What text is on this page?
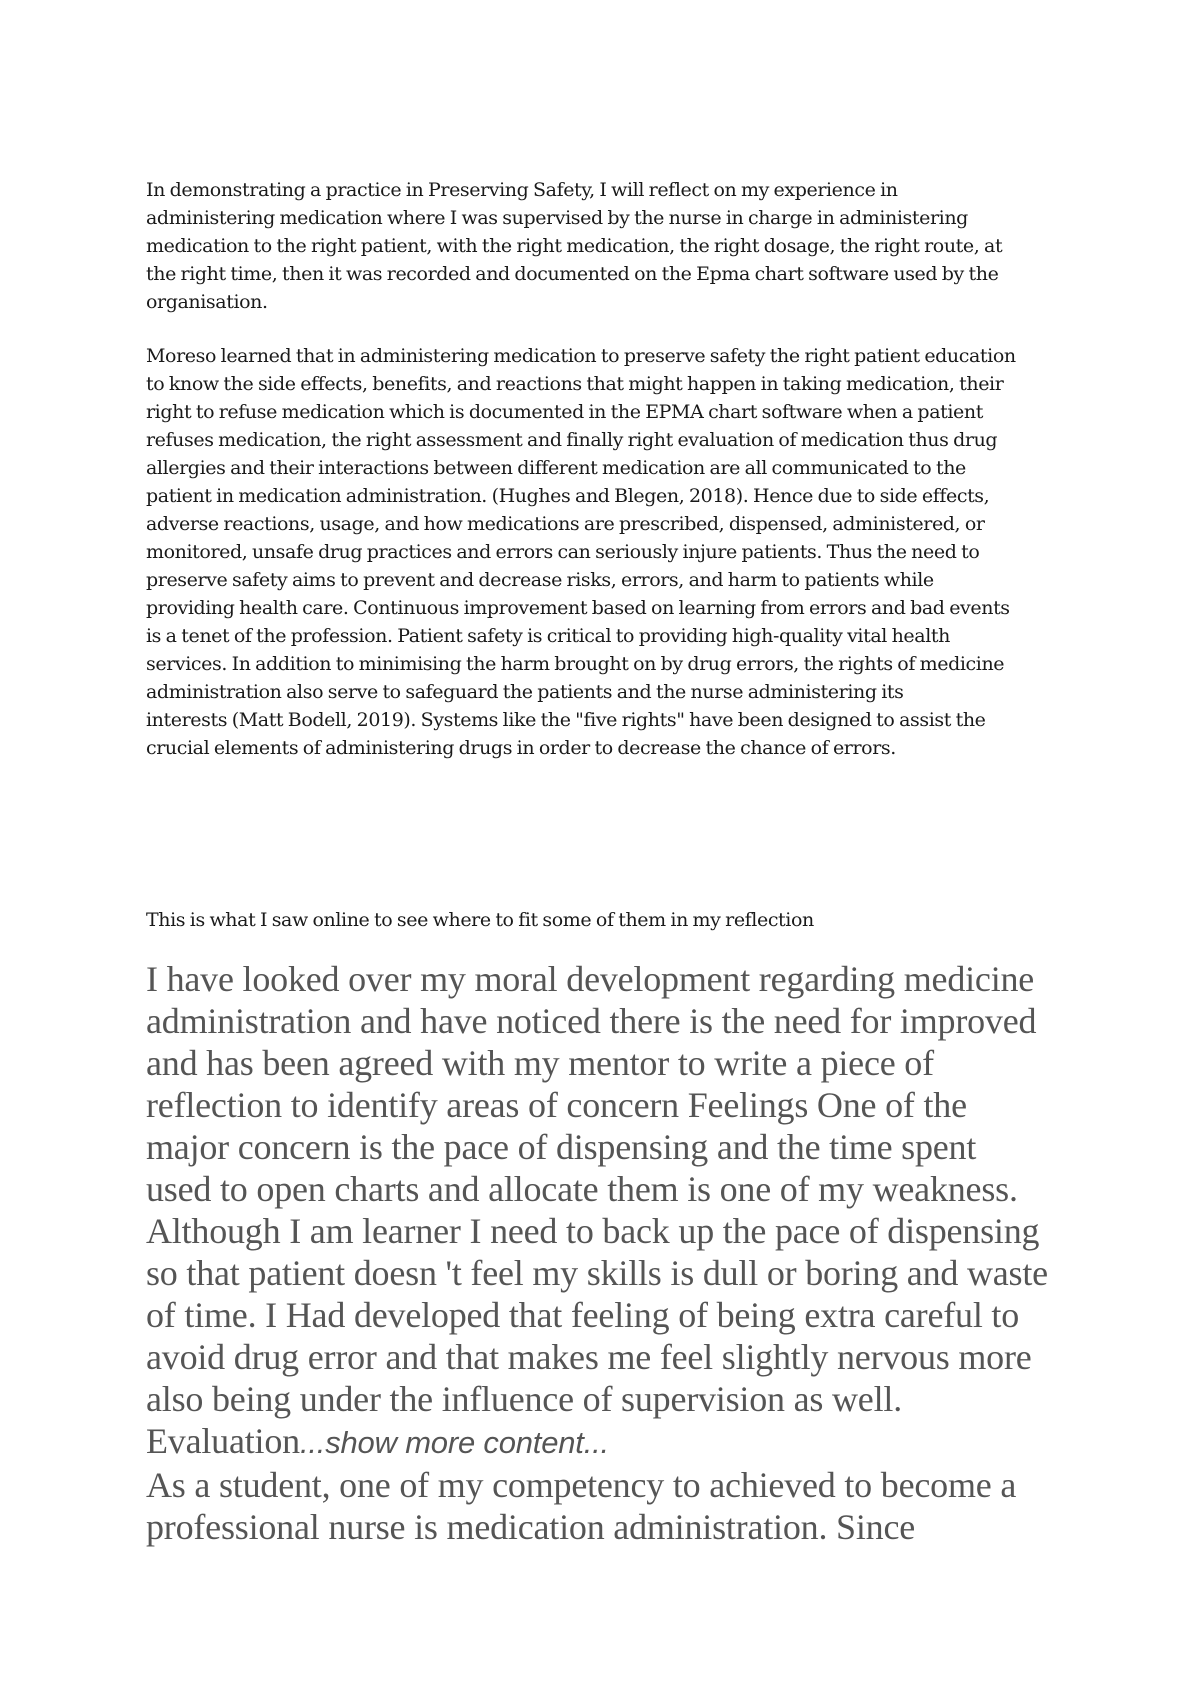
In demonstrating a practice in Preserving Safety, I will reflect on my experience in
administering medication where I was supervised by the nurse in charge in administering
medication to the right patient, with the right medication, the right dosage, the right route, at
the right time, then it was recorded and documented on the Epma chart software used by the
organisation.
Moreso learned that in administering medication to preserve safety the right patient education
to know the side effects, benefits, and reactions that might happen in taking medication, their
right to refuse medication which is documented in the EPMA chart software when a patient
refuses medication, the right assessment and finally right evaluation of medication thus drug
allergies and their interactions between different medication are all communicated to the
patient in medication administration. (Hughes and Blegen, 2018). Hence due to side effects,
adverse reactions, usage, and how medications are prescribed, dispensed, administered, or
monitored, unsafe drug practices and errors can seriously injure patients. Thus the need to
preserve safety aims to prevent and decrease risks, errors, and harm to patients while
providing health care. Continuous improvement based on learning from errors and bad events
is a tenet of the profession. Patient safety is critical to providing high-quality vital health
services. In addition to minimising the harm brought on by drug errors, the rights of medicine
administration also serve to safeguard the patients and the nurse administering its
interests (Matt Bodell, 2019). Systems like the "five rights" have been designed to assist the
crucial elements of administering drugs in order to decrease the chance of errors.
This is what I saw online to see where to fit some of them in my reflection
I have looked over my moral development regarding medicine
administration and have noticed there is the need for improved
and has been agreed with my mentor to write a piece of
reflection to identify areas of concern Feelings One of the
major concern is the pace of dispensing and the time spent
used to open charts and allocate them is one of my weakness.
Although I am learner I need to back up the pace of dispensing
so that patient doesn 't feel my skills is dull or boring and waste
of time. I Had developed that feeling of being extra careful to
avoid drug error and that makes me feel slightly nervous more
also being under the influence of supervision as well.
Evaluation...show more content...
As a student, one of my competency to achieved to become a
professional nurse is medication administration. Since
